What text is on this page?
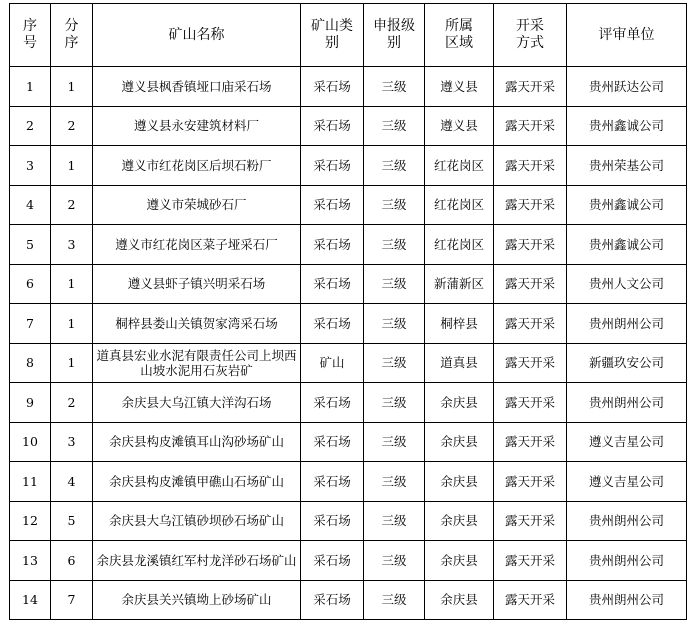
序号	分序	矿山名称	矿山类别	申报级别	所属区域	开采方式	评审单位
1	1	遵义县枫香镇垭口庙采石场	采石场	三级	遵义县	露天开采	贵州跃达公司
2	2	遵义县永安建筑材料厂	采石场	三级	遵义县	露天开采	贵州鑫诚公司
3	1	遵义市红花岗区后坝石粉厂	采石场	三级	红花岗区	露天开采	贵州荣基公司
4	2	遵义市荣城砂石厂	采石场	三级	红花岗区	露天开采	贵州鑫诚公司
5	3	遵义市红花岗区菜子垭采石厂	采石场	三级	红花岗区	露天开采	贵州鑫诚公司
6	1	遵义县虾子镇兴明采石场	采石场	三级	新蒲新区	露天开采	贵州人文公司
7	1	桐梓县娄山关镇贺家湾采石场	采石场	三级	桐梓县	露天开采	贵州朗州公司
8	1	道真县宏业水泥有限责任公司上坝西山坡水泥用石灰岩矿	矿山	三级	道真县	露天开采	新疆玖安公司
9	2	余庆县大乌江镇大洋沟石场	采石场	三级	余庆县	露天开采	贵州朗州公司
10	3	余庆县构皮滩镇耳山沟砂场矿山	采石场	三级	余庆县	露天开采	遵义吉星公司
11	4	余庆县构皮滩镇甲礁山石场矿山	采石场	三级	余庆县	露天开采	遵义吉星公司
12	5	余庆县大乌江镇砂坝砂石场矿山	采石场	三级	余庆县	露天开采	贵州朗州公司
13	6	余庆县龙溪镇红军村龙洋砂石场矿山	采石场	三级	余庆县	露天开采	贵州朗州公司
14	7	余庆县关兴镇坳上砂场矿山	采石场	三级	余庆县	露天开采	贵州朗州公司
